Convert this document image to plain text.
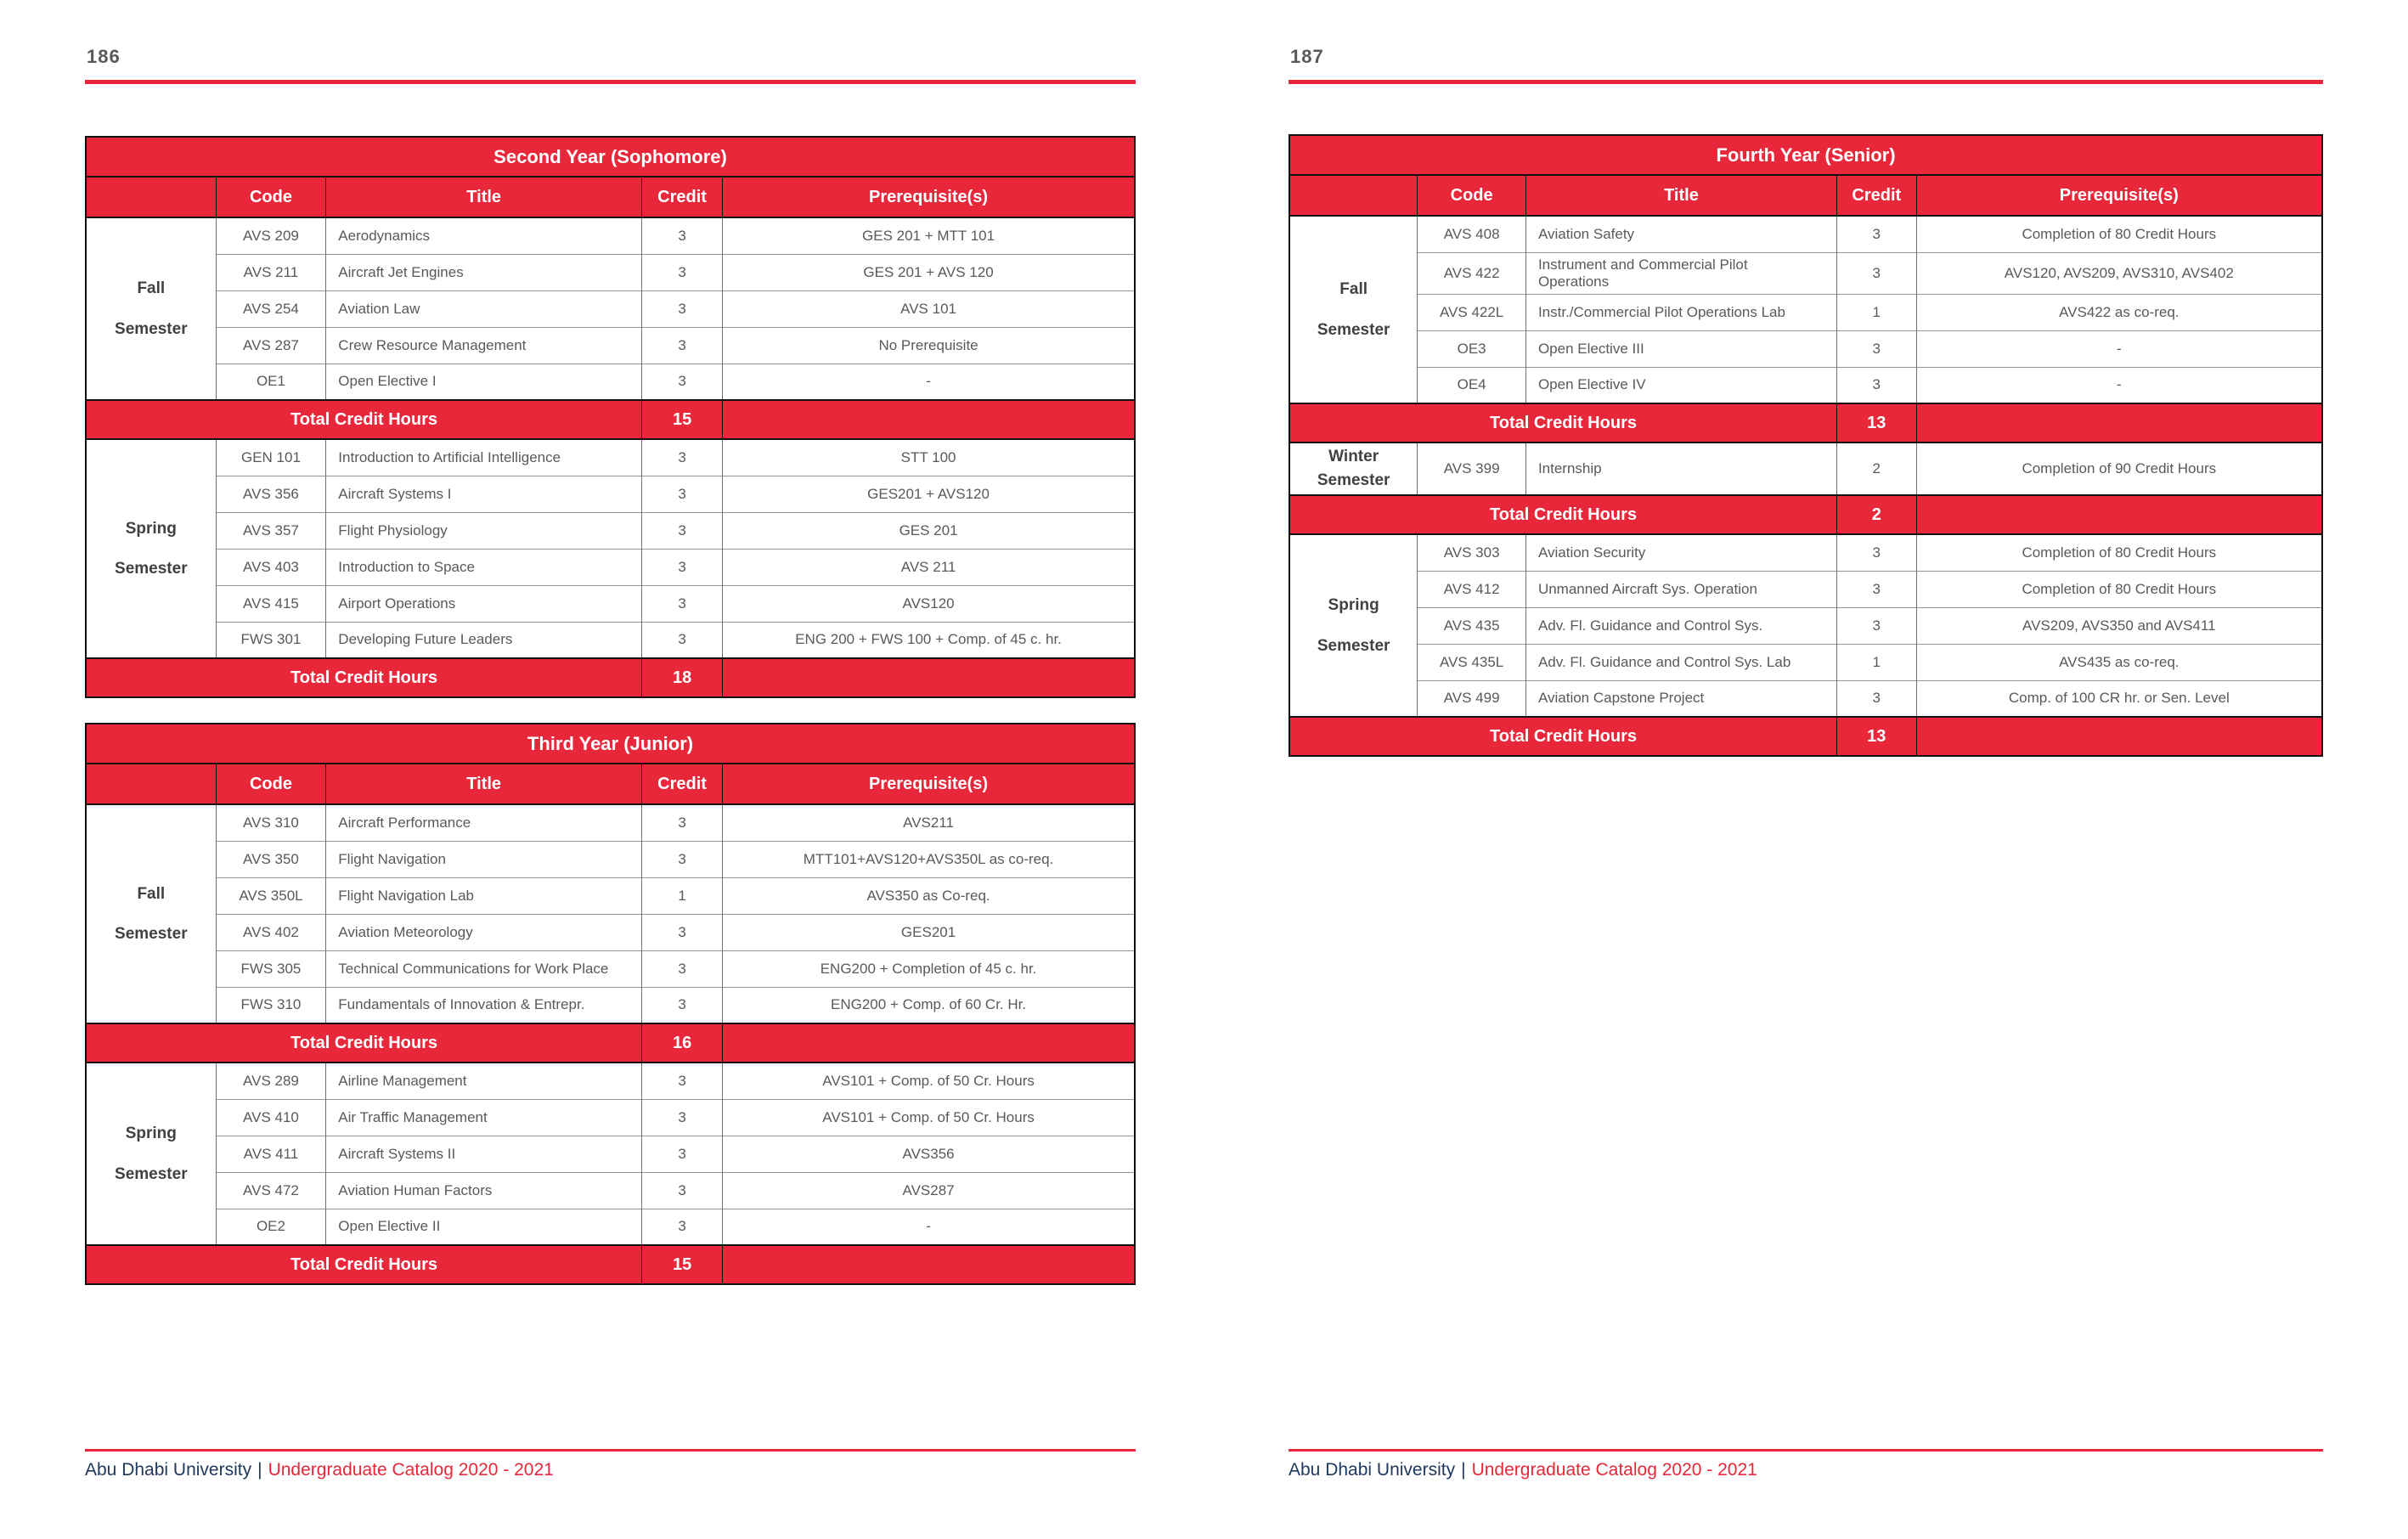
186
Second Year (Sophomore)				
	Code	Title	Credit	Prerequisite(s)

Fall
Semester	AVS 209	Aerodynamics	3	GES 201 + MTT 101
	AVS 211	Aircraft Jet Engines	3	GES 201 + AVS 120
	AVS 254	Aviation Law	3	AVS 101
	AVS 287	Crew Resource Management	3	No Prerequisite
	OE1	Open Elective I	3	-
Total Credit Hours			15	

Spring
Semester	GEN 101	Introduction to Artificial Intelligence	3	STT 100
	AVS 356	Aircraft Systems I	3	GES201 + AVS120
	AVS 357	Flight Physiology	3	GES 201
	AVS 403	Introduction to Space	3	AVS 211
	AVS 415	Airport Operations	3	AVS120
	FWS 301	Developing Future Leaders	3	ENG 200 + FWS 100 + Comp. of 45 c. hr.
Total Credit Hours			18	
Third Year (Junior)				
	Code	Title	Credit	Prerequisite(s)

Fall
Semester	AVS 310	Aircraft Performance	3	AVS211
	AVS 350	Flight Navigation	3	MTT101+AVS120+AVS350L as co-req.
	AVS 350L	Flight Navigation Lab	1	AVS350 as Co-req.
	AVS 402	Aviation Meteorology	3	GES201
	FWS 305	Technical Communications for Work Place	3	ENG200 + Completion of 45 c. hr.
	FWS 310	Fundamentals of Innovation & Entrepr.	3	ENG200 + Comp. of 60 Cr. Hr.
Total Credit Hours			16	

Spring
Semester	AVS 289	Airline Management	3	AVS101 + Comp. of 50 Cr. Hours
	AVS 410	Air Traffic Management	3	AVS101 + Comp. of 50 Cr. Hours
	AVS 411	Aircraft Systems II	3	AVS356
	AVS 472	Aviation Human Factors	3	AVS287
	OE2	Open Elective II	3	-
Total Credit Hours			15	
Abu Dhabi University | Undergraduate Catalog 2020 - 2021
187
Fourth Year (Senior)				
	Code	Title	Credit	Prerequisite(s)

Fall
Semester	AVS 408	Aviation Safety	3	Completion of 80 Credit Hours
	AVS 422	Instrument and Commercial Pilot Operations	3	AVS120, AVS209, AVS310, AVS402
	AVS 422L	Instr./Commercial Pilot Operations Lab	1	AVS422 as co-req.
	OE3	Open Elective III	3	-
	OE4	Open Elective IV	3	-
Total Credit Hours			13	

Winter
Semester	AVS 399	Internship	2	Completion of 90 Credit Hours
Total Credit Hours			2	

Spring
Semester	AVS 303	Aviation Security	3	Completion of 80 Credit Hours
	AVS 412	Unmanned Aircraft Sys. Operation	3	Completion of 80 Credit Hours
	AVS 435	Adv. Fl. Guidance and Control Sys.	3	AVS209, AVS350 and AVS411
	AVS 435L	Adv. Fl. Guidance and Control Sys. Lab	1	AVS435 as co-req.
	AVS 499	Aviation Capstone Project	3	Comp. of 100 CR hr. or Sen. Level
Total Credit Hours			13	
Abu Dhabi University | Undergraduate Catalog 2020 - 2021
